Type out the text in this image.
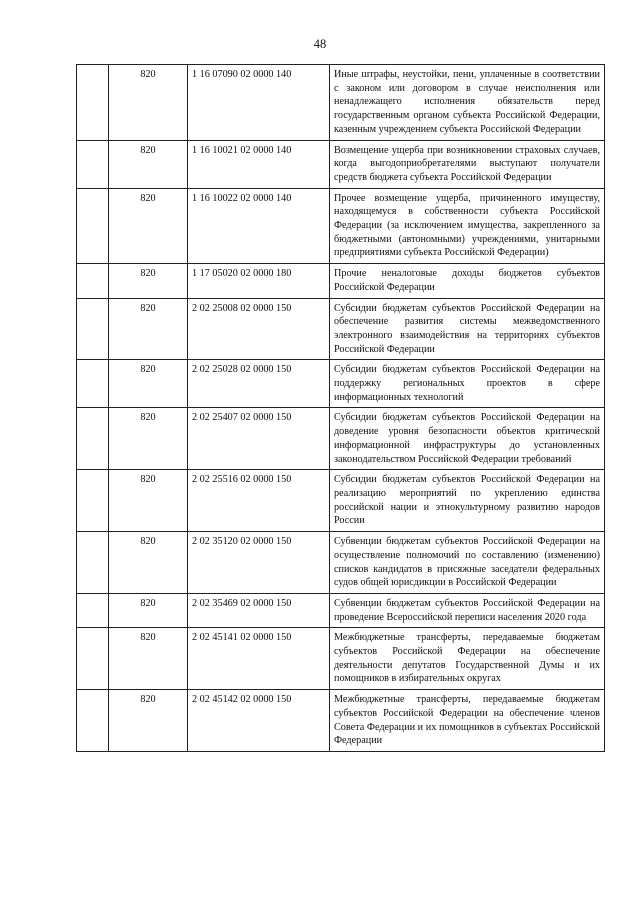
48
	820	1 16 07090 02 0000 140	Иные штрафы, неустойки, пени, уплаченные в соответствии с законом или договором в случае неисполнения или ненадлежащего исполнения обязательств перед государственным органом субъекта Российской Федерации, казенным учреждением субъекта Российской Федерации
	820	1 16 10021 02 0000 140	Возмещение ущерба при возникновении страховых случаев, когда выгодоприобретателями выступают получатели средств бюджета субъекта Российской Федерации
	820	1 16 10022 02 0000 140	Прочее возмещение ущерба, причиненного имуществу, находящемуся в собственности субъекта Российской Федерации (за исключением имущества, закрепленного за бюджетными (автономными) учреждениями, унитарными предприятиями субъекта Российской Федерации)
	820	1 17 05020 02 0000 180	Прочие неналоговые доходы бюджетов субъектов Российской Федерации
	820	2 02 25008 02 0000 150	Субсидии бюджетам субъектов Российской Федерации на обеспечение развития системы межведомственного электронного взаимодействия на территориях субъектов Российской Федерации
	820	2 02 25028 02 0000 150	Субсидии бюджетам субъектов Российской Федерации на поддержку региональных проектов в сфере информационных технологий
	820	2 02 25407 02 0000 150	Субсидии бюджетам субъектов Российской Федерации на доведение уровня безопасности объектов критической информационной инфраструктуры до установленных законодательством Российской Федерации требований
	820	2 02 25516 02 0000 150	Субсидии бюджетам субъектов Российской Федерации на реализацию мероприятий по укреплению единства российской нации и этнокультурному развитию народов России
	820	2 02 35120 02 0000 150	Субвенции бюджетам субъектов Российской Федерации на осуществление полномочий по составлению (изменению) списков кандидатов в присяжные заседатели федеральных судов общей юрисдикции в Российской Федерации
	820	2 02 35469 02 0000 150	Субвенции бюджетам субъектов Российской Федерации на проведение Всероссийской переписи населения 2020 года
	820	2 02 45141 02 0000 150	Межбюджетные трансферты, передаваемые бюджетам субъектов Российской Федерации на обеспечение деятельности депутатов Государственной Думы и их помощников в избирательных округах
	820	2 02 45142 02 0000 150	Межбюджетные трансферты, передаваемые бюджетам субъектов Российской Федерации на обеспечение членов Совета Федерации и их помощников в субъектах Российской Федерации
